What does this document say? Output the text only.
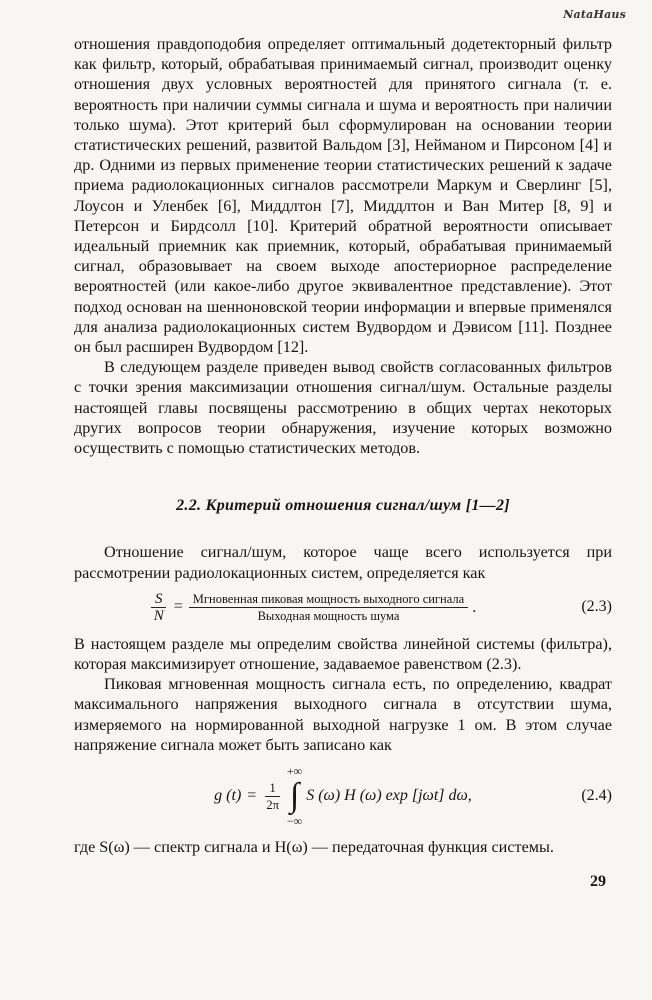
NataHaus

отношения правдоподобия определяет оптимальный додетекторный фильтр как фильтр, который, обрабатывая принимаемый сигнал, производит оценку отношения двух условных вероятностей для принятого сигнала (т. е. вероятность при наличии суммы сигнала и шума и вероятность при наличии только шума). Этот критерий был сформулирован на основании теории статистических решений, развитой Вальдом [3], Нейманом и Пирсоном [4] и др. Одними из первых применение теории статистических решений к задаче приема радиолокационных сигналов рассмотрели Маркум и Сверлинг [5], Лоусон и Уленбек [6], Миддлтон [7], Миддлтон и Ван Митер [8, 9] и Петерсон и Бирдсолл [10]. Критерий обратной вероятности описывает идеальный приемник как приемник, который, обрабатывая принимаемый сигнал, образовывает на своем выходе апостериорное распределение вероятностей (или какое-либо другое эквивалентное представление). Этот подход основан на шенноновской теории информации и впервые применялся для анализа радиолокационных систем Вудвордом и Дэвисом [11]. Позднее он был расширен Вудвордом [12].

В следующем разделе приведен вывод свойств согласованных фильтров с точки зрения максимизации отношения сигнал/шум. Остальные разделы настоящей главы посвящены рассмотрению в общих чертах некоторых других вопросов теории обнаружения, изучение которых возможно осуществить с помощью статистических методов.

2.2. Критерий отношения сигнал/шум [1—2]

Отношение сигнал/шум, которое чаще всего используется при рассмотрении радиолокационных систем, определяется как

$\frac{S}{N} = \frac{\text{Мгновенная пиковая мощность выходного сигнала}}{\text{Выходная мощность шума}}$ .	(2.3)

В настоящем разделе мы определим свойства линейной системы (фильтра), которая максимизирует отношение, задаваемое равенством (2.3).

Пиковая мгновенная мощность сигнала есть, по определению, квадрат максимального напряжения выходного сигнала в отсутствии шума, измеряемого на нормированной выходной нагрузке 1 ом. В этом случае напряжение сигнала может быть записано как

g $(t) = \frac{1}{2\pi}$
+∞
∫
−∞
S (ω) H (ω) exp [jωt] dω,	(2.4)

где S(ω) — спектр сигнала и H(ω) — передаточная функция системы.

29
